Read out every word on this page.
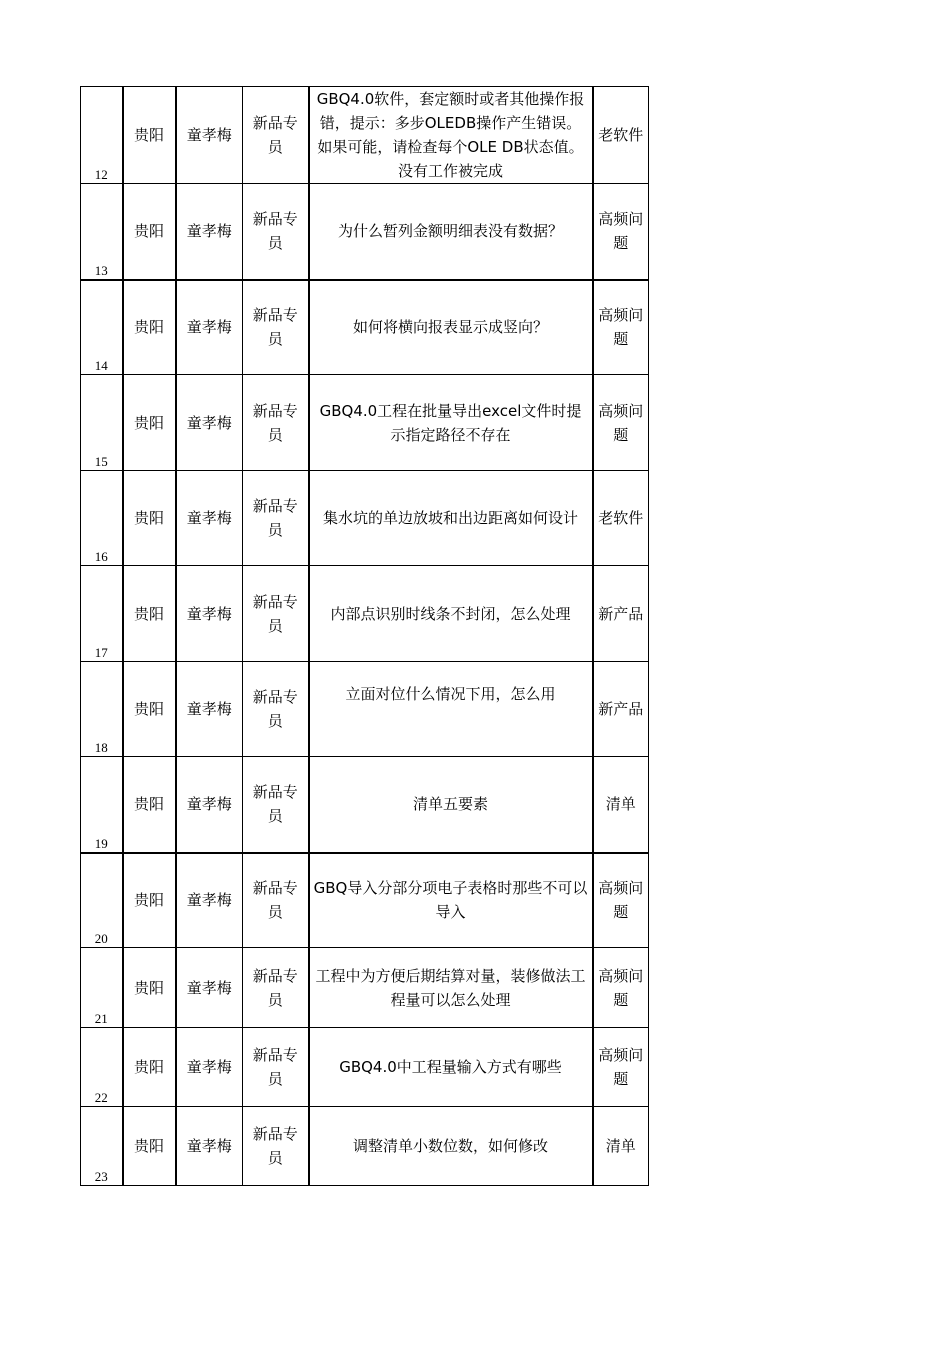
12	贵阳	童孝梅	新品专员	GBQ4.0软件，套定额时或者其他操作报错，提示：多步OLEDB操作产生错误。如果可能，请检查每个OLE DB状态值。没有工作被完成	老软件
13	贵阳	童孝梅	新品专员	为什么暂列金额明细表没有数据？	高频问题
14	贵阳	童孝梅	新品专员	如何将横向报表显示成竖向？	高频问题
15	贵阳	童孝梅	新品专员	GBQ4.0工程在批量导出excel文件时提示指定路径不存在	高频问题
16	贵阳	童孝梅	新品专员	集水坑的单边放坡和出边距离如何设计	老软件
17	贵阳	童孝梅	新品专员	内部点识别时线条不封闭，怎么处理	新产品
18	贵阳	童孝梅	新品专员	立面对位什么情况下用，怎么用	新产品
19	贵阳	童孝梅	新品专员	清单五要素	清单
20	贵阳	童孝梅	新品专员	GBQ导入分部分项电子表格时那些不可以导入	高频问题
21	贵阳	童孝梅	新品专员	工程中为方便后期结算对量，装修做法工程量可以怎么处理	高频问题
22	贵阳	童孝梅	新品专员	GBQ4.0中工程量输入方式有哪些	高频问题
23	贵阳	童孝梅	新品专员	调整清单小数位数，如何修改	清单
